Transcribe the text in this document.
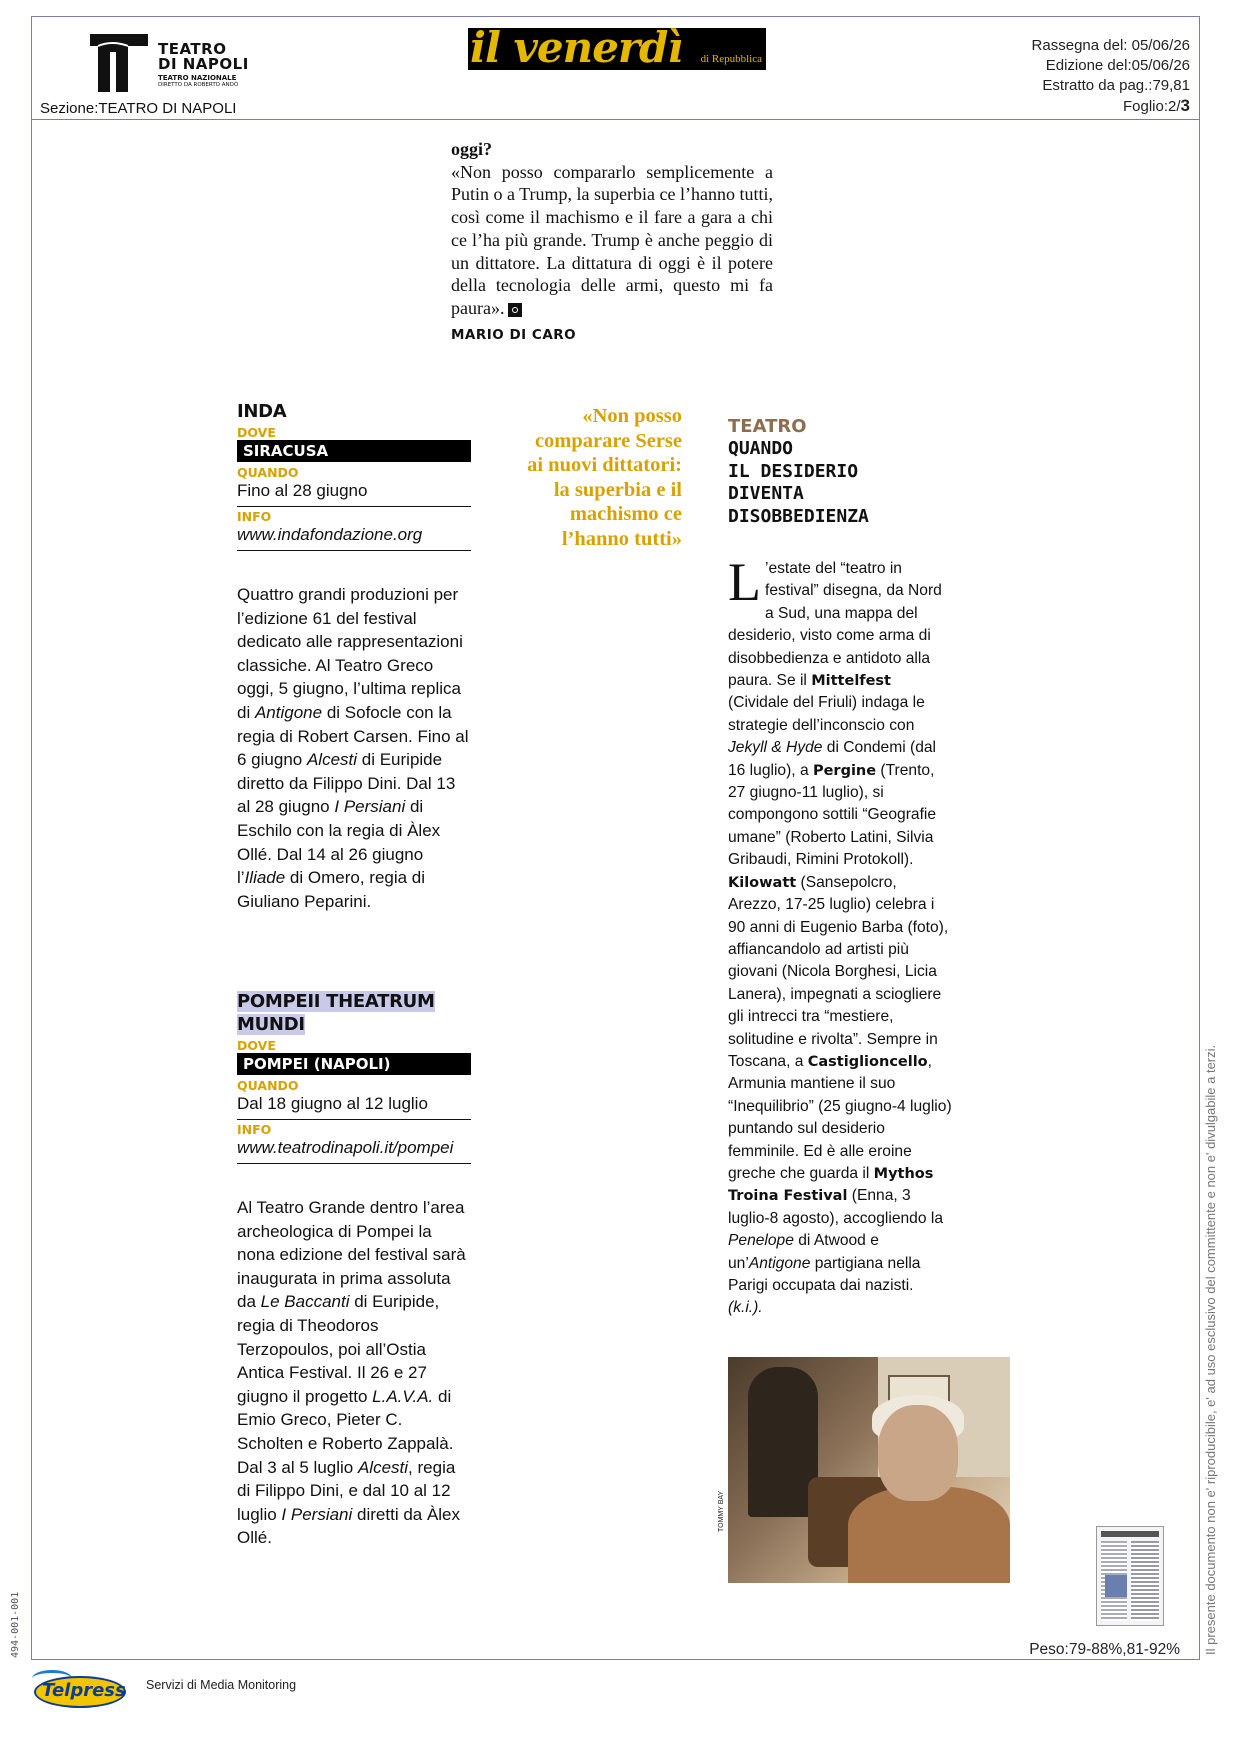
TEATRO
DI NAPOLI
TEATRO NAZIONALE
DIRETTO DA ROBERTO ANDÒ
Sezione:TEATRO DI NAPOLI
il venerdì di Repubblica
Rassegna del: 05/06/26
Edizione del:05/06/26
Estratto da pag.:79,81
Foglio:2/3
oggi?
«Non posso compararlo semplicemente a Putin o a Trump, la superbia ce l’hanno tutti, così come il machismo e il fare a gara a chi ce l’ha più grande. Trump è anche peggio di un dittatore. La dittatura di oggi è il potere della tecnologia delle armi, questo mi fa paura».
MARIO DI CARO
INDA
DOVE
SIRACUSA
QUANDO
Fino al 28 giugno
INFO
www.indafondazione.org
Quattro grandi produzioni per l’edizione 61 del festival dedicato alle rappresentazioni classiche. Al Teatro Greco oggi, 5 giugno, l’ultima replica di Antigone di Sofocle con la regia di Robert Carsen. Fino al 6 giugno Alcesti di Euripide diretto da Filippo Dini. Dal 13 al 28 giugno I Persiani di Eschilo con la regia di Àlex Ollé. Dal 14 al 26 giugno l’Iliade di Omero, regia di Giuliano Peparini.
POMPEII THEATRUM
MUNDI
DOVE
POMPEI (NAPOLI)
QUANDO
Dal 18 giugno al 12 luglio
INFO
www.teatrodinapoli.it/pompei
Al Teatro Grande dentro l’area archeologica di Pompei la nona edizione del festival sarà inaugurata in prima assoluta da Le Baccanti di Euripide, regia di Theodoros Terzopoulos, poi all’Ostia Antica Festival. Il 26 e 27 giugno il progetto L.A.V.A. di Emio Greco, Pieter C. Scholten e Roberto Zappalà. Dal 3 al 5 luglio Alcesti, regia di Filippo Dini, e dal 10 al 12 luglio I Persiani diretti da Àlex Ollé.
«Non posso comparare Serse ai nuovi dittatori: la superbia e il machismo ce l’hanno tutti»
TEATRO
QUANDO
IL DESIDERIO
DIVENTA
DISOBBEDIENZA
L ’estate del “teatro in festival” disegna, da Nord a Sud, una mappa del desiderio, visto come arma di disobbedienza e antidoto alla paura. Se il Mittelfest (Cividale del Friuli) indaga le strategie dell’inconscio con Jekyll & Hyde di Condemi (dal 16 luglio), a Pergine (Trento, 27 giugno-11 luglio), si compongono sottili “Geografie umane” (Roberto Latini, Silvia Gribaudi, Rimini Protokoll). Kilowatt (Sansepolcro, Arezzo, 17-25 luglio) celebra i 90 anni di Eugenio Barba (foto), affiancandolo ad artisti più giovani (Nicola Borghesi, Licia Lanera), impegnati a sciogliere gli intrecci tra “mestiere, solitudine e rivolta”. Sempre in Toscana, a Castiglioncello, Armunia mantiene il suo “Inequilibrio” (25 giugno-4 luglio) puntando sul desiderio femminile. Ed è alle eroine greche che guarda il Mythos Troina Festival (Enna, 3 luglio-8 agosto), accogliendo la Penelope di Atwood e un’Antigone partigiana nella Parigi occupata dai nazisti. (k.i.).
TOMMY BAY
Peso:79-88%,81-92% Il presente documento non e' riproducibile, e' ad uso esclusivo del committente e non e' divulgabile a terzi.
494-001-001
Telpress Servizi di Media Monitoring
